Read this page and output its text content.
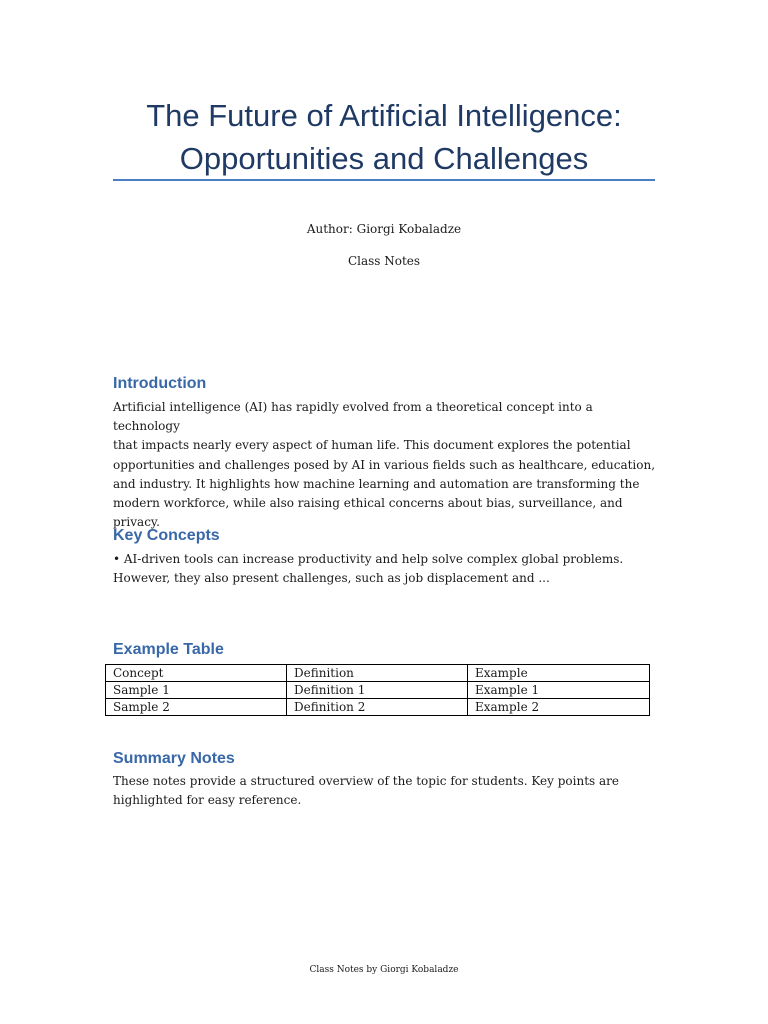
The Future of Artificial Intelligence:
Opportunities and Challenges
Author: Giorgi Kobaladze
Class Notes
Introduction

Artificial intelligence (AI) has rapidly evolved from a theoretical concept into a technology
that impacts nearly every aspect of human life. This document explores the potential
opportunities and challenges posed by AI in various fields such as healthcare, education,
and industry. It highlights how machine learning and automation are transforming the
modern workforce, while also raising ethical concerns about bias, surveillance, and privacy.

Key Concepts

• AI-driven tools can increase productivity and help solve complex global problems.
However, they also present challenges, such as job displacement and ...

Example Table
Concept	Definition	Example
Sample 1	Definition 1	Example 1
Sample 2	Definition 2	Example 2
Summary Notes

These notes provide a structured overview of the topic for students. Key points are
highlighted for easy reference.

Class Notes by Giorgi Kobaladze
